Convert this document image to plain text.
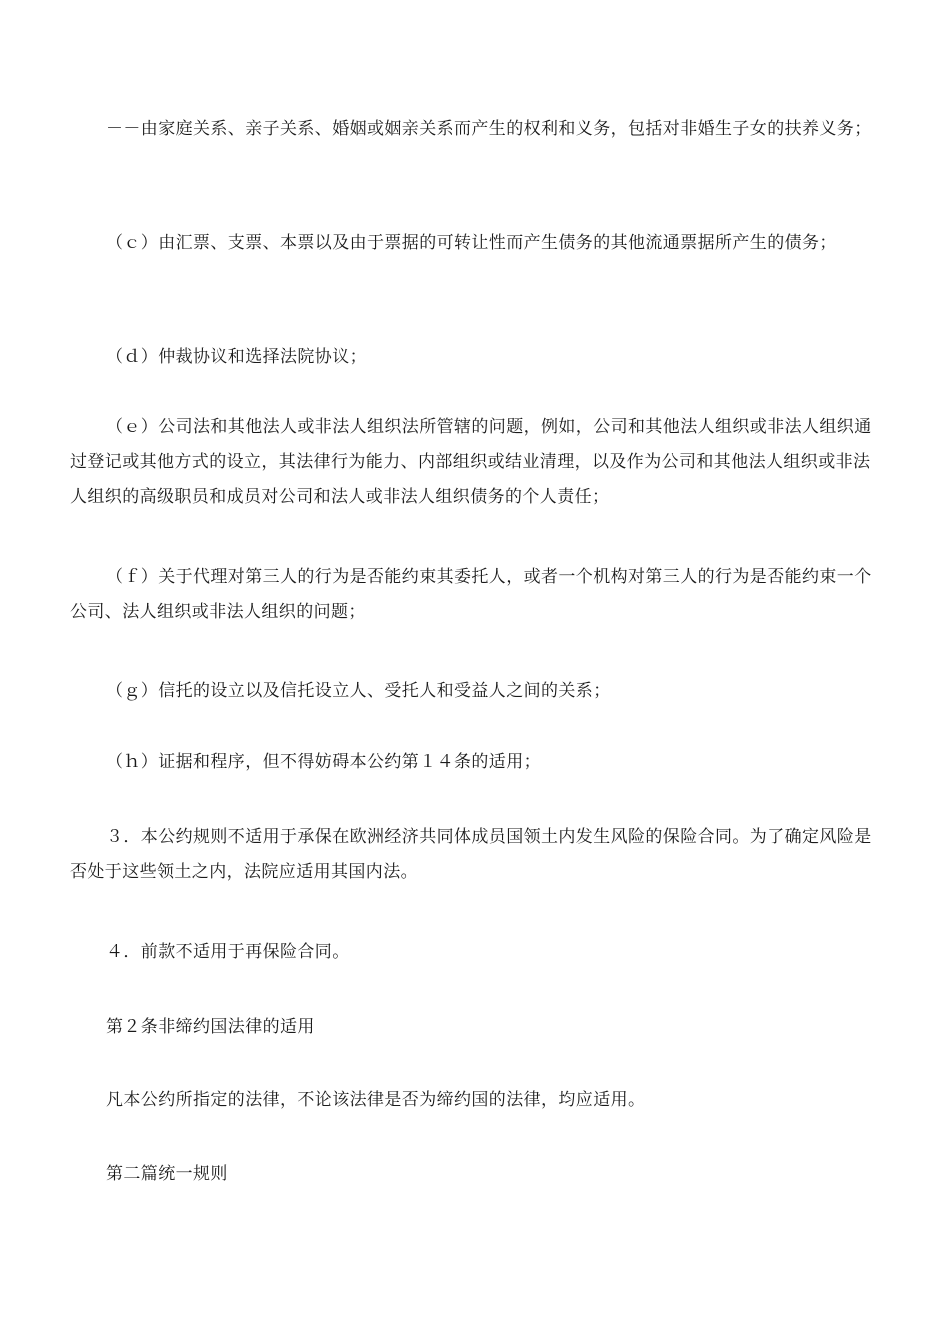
－－由家庭关系、亲子关系、婚姻或姻亲关系而产生的权利和义务，包括对非婚生子女的扶养义务；

（ｃ）由汇票、支票、本票以及由于票据的可转让性而产生债务的其他流通票据所产生的债务；

（ｄ）仲裁协议和选择法院协议；

（ｅ）公司法和其他法人或非法人组织法所管辖的问题，例如，公司和其他法人组织或非法人组织通过登记或其他方式的设立，其法律行为能力、内部组织或结业清理，以及作为公司和其他法人组织或非法人组织的高级职员和成员对公司和法人或非法人组织债务的个人责任；

（ｆ）关于代理对第三人的行为是否能约束其委托人，或者一个机构对第三人的行为是否能约束一个公司、法人组织或非法人组织的问题；

（ｇ）信托的设立以及信托设立人、受托人和受益人之间的关系；

（ｈ）证据和程序，但不得妨碍本公约第１４条的适用；

３．本公约规则不适用于承保在欧洲经济共同体成员国领土内发生风险的保险合同。为了确定风险是否处于这些领土之内，法院应适用其国内法。

４．前款不适用于再保险合同。

第２条非缔约国法律的适用

凡本公约所指定的法律，不论该法律是否为缔约国的法律，均应适用。

第二篇统一规则
